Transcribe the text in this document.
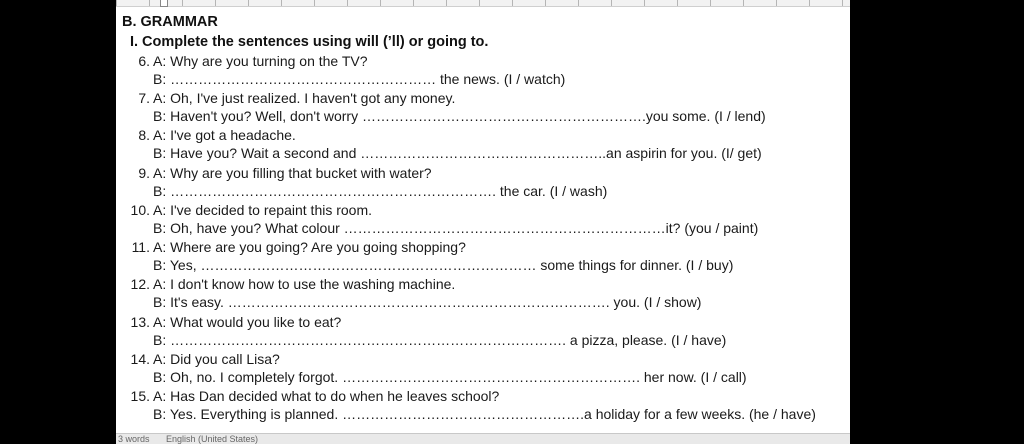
B. GRAMMAR
I. Complete the sentences using will (’ll) or going to.
6. A: Why are you turning on the TV?
B: ………………………………………………… the news. (I / watch)
7. A: Oh, I've just realized. I haven't got any money.
B: Haven't you? Well, don't worry …………………………………………………….you some. (I / lend)
8. A: I've got a headache.
B: Have you? Wait a second and ……………………………………………..an aspirin for you. (I/ get)
9. A: Why are you filling that bucket with water?
B: ……………………………………………………………. the car. (I / wash)
10. A: I've decided to repaint this room.
B: Oh, have you? What colour ……………………………………………………………it? (you / paint)
11. A: Where are you going? Are you going shopping?
B: Yes, ……………………………………………………………… some things for dinner. (I / buy)
12. A: I don't know how to use the washing machine.
B: It's easy. ………………………………………………………………………. you. (I / show)
13. A: What would you like to eat?
B: …………………………………………………………………………. a pizza, please. (I / have)
14. A: Did you call Lisa?
B: Oh, no. I completely forgot. ………………………………………………………. her now. (I / call)
15. A: Has Dan decided what to do when he leaves school?
B: Yes. Everything is planned. …………………………………………….a holiday for a few weeks. (he / have)
3 words English (United States)
